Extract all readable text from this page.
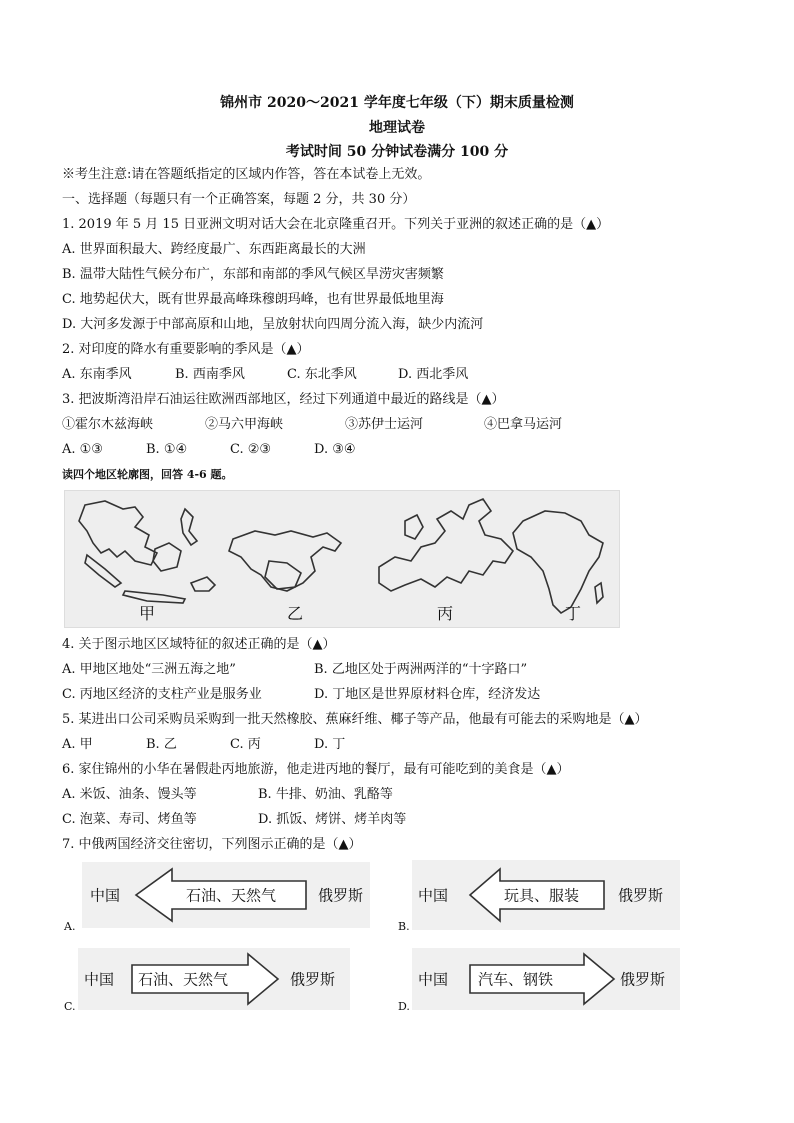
锦州市 2020～2021 学年度七年级（下）期末质量检测
地理试卷
考试时间 50 分钟试卷满分 100 分
※考生注意:请在答题纸指定的区域内作答，答在本试卷上无效。
一、选择题（每题只有一个正确答案，每题 2 分，共 30 分）
1. 2019 年 5 月 15 日亚洲文明对话大会在北京隆重召开。下列关于亚洲的叙述正确的是（▲）
A. 世界面积最大、跨经度最广、东西距离最长的大洲
B. 温带大陆性气候分布广，东部和南部的季风气候区旱涝灾害频繁
C. 地势起伏大，既有世界最高峰珠穆朗玛峰，也有世界最低地里海
D. 大河多发源于中部高原和山地，呈放射状向四周分流入海，缺少内流河
2. 对印度的降水有重要影响的季风是（▲）
A. 东南季风	B. 西南季风	C. 东北季风	D. 西北季风
3. 把波斯湾沿岸石油运往欧洲西部地区，经过下列通道中最近的路线是（▲）
①霍尔木兹海峡	②马六甲海峡	③苏伊士运河	④巴拿马运河
A. ①③	B. ①④	C. ②③	D. ③④
读四个地区轮廓图，回答 4-6 题。
甲	乙	丙	丁
4. 关于图示地区区域特征的叙述正确的是（▲）
A. 甲地区地处“三洲五海之地”	B. 乙地区处于两洲两洋的“十字路口”
C. 丙地区经济的支柱产业是服务业	D. 丁地区是世界原材料仓库，经济发达
5. 某进出口公司采购员采购到一批天然橡胶、蕉麻纤维、椰子等产品，他最有可能去的采购地是（▲）
A. 甲	B. 乙	C. 丙	D. 丁
6. 家住锦州的小华在暑假赴丙地旅游，他走进丙地的餐厅，最有可能吃到的美食是（▲）
A. 米饭、油条、馒头等	B. 牛排、奶油、乳酪等
C. 泡菜、寿司、烤鱼等	D. 抓饭、烤饼、烤羊肉等
7. 中俄两国经济交往密切，下列图示正确的是（▲）
中国	石油、天然气	俄罗斯
A.
中国	玩具、服装	俄罗斯
B.
中国 石油、天然气	俄罗斯
C.
中国 汽车、钢铁	俄罗斯
D.
